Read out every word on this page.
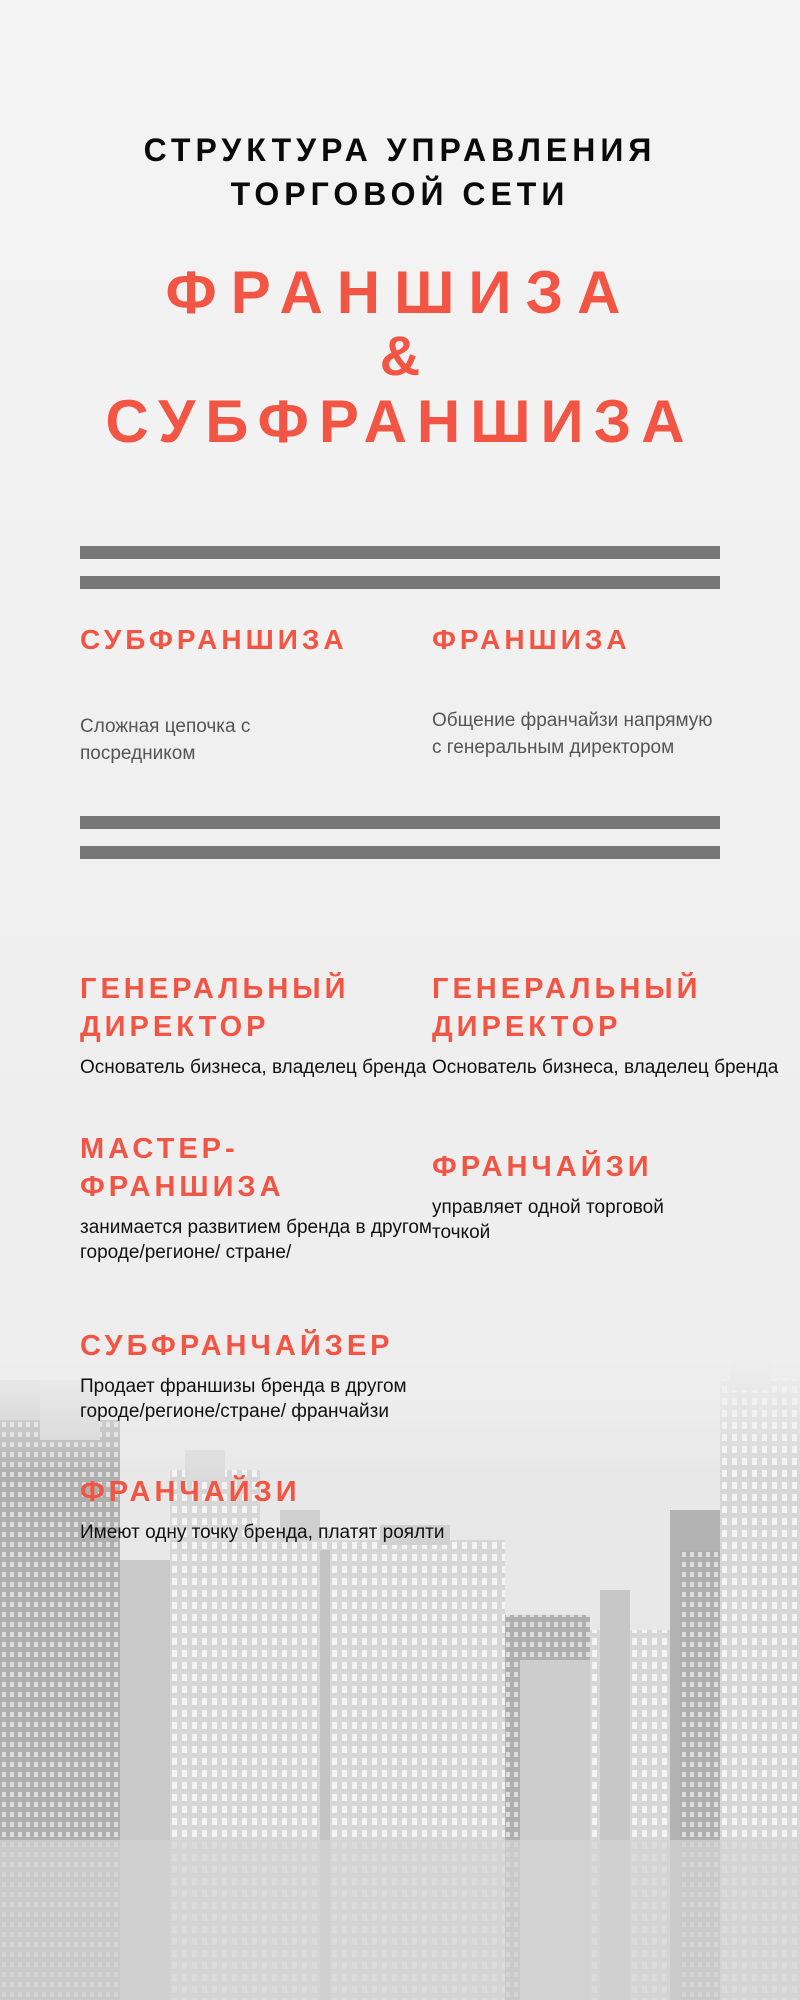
СТРУКТУРА УПРАВЛЕНИЯ
ТОРГОВОЙ СЕТИ
ФРАНШИЗА
&
СУБФРАНШИЗА
СУБФРАНШИЗА
Сложная цепочка с посредником
ФРАНШИЗА
Общение франчайзи напрямую с генеральным директором
ГЕНЕРАЛЬНЫЙ ДИРЕКТОР
Основатель бизнеса, владелец бренда
МАСТЕР-ФРАНШИЗА
занимается развитием бренда в другом городе/регионе/ стране/
СУБФРАНЧАЙЗЕР
Продает франшизы бренда в другом городе/регионе/стране/ франчайзи
ФРАНЧАЙЗИ
Имеют одну точку бренда, платят роялти
ГЕНЕРАЛЬНЫЙ ДИРЕКТОР
Основатель бизнеса, владелец бренда
ФРАНЧАЙЗИ
управляет одной торговой точкой
